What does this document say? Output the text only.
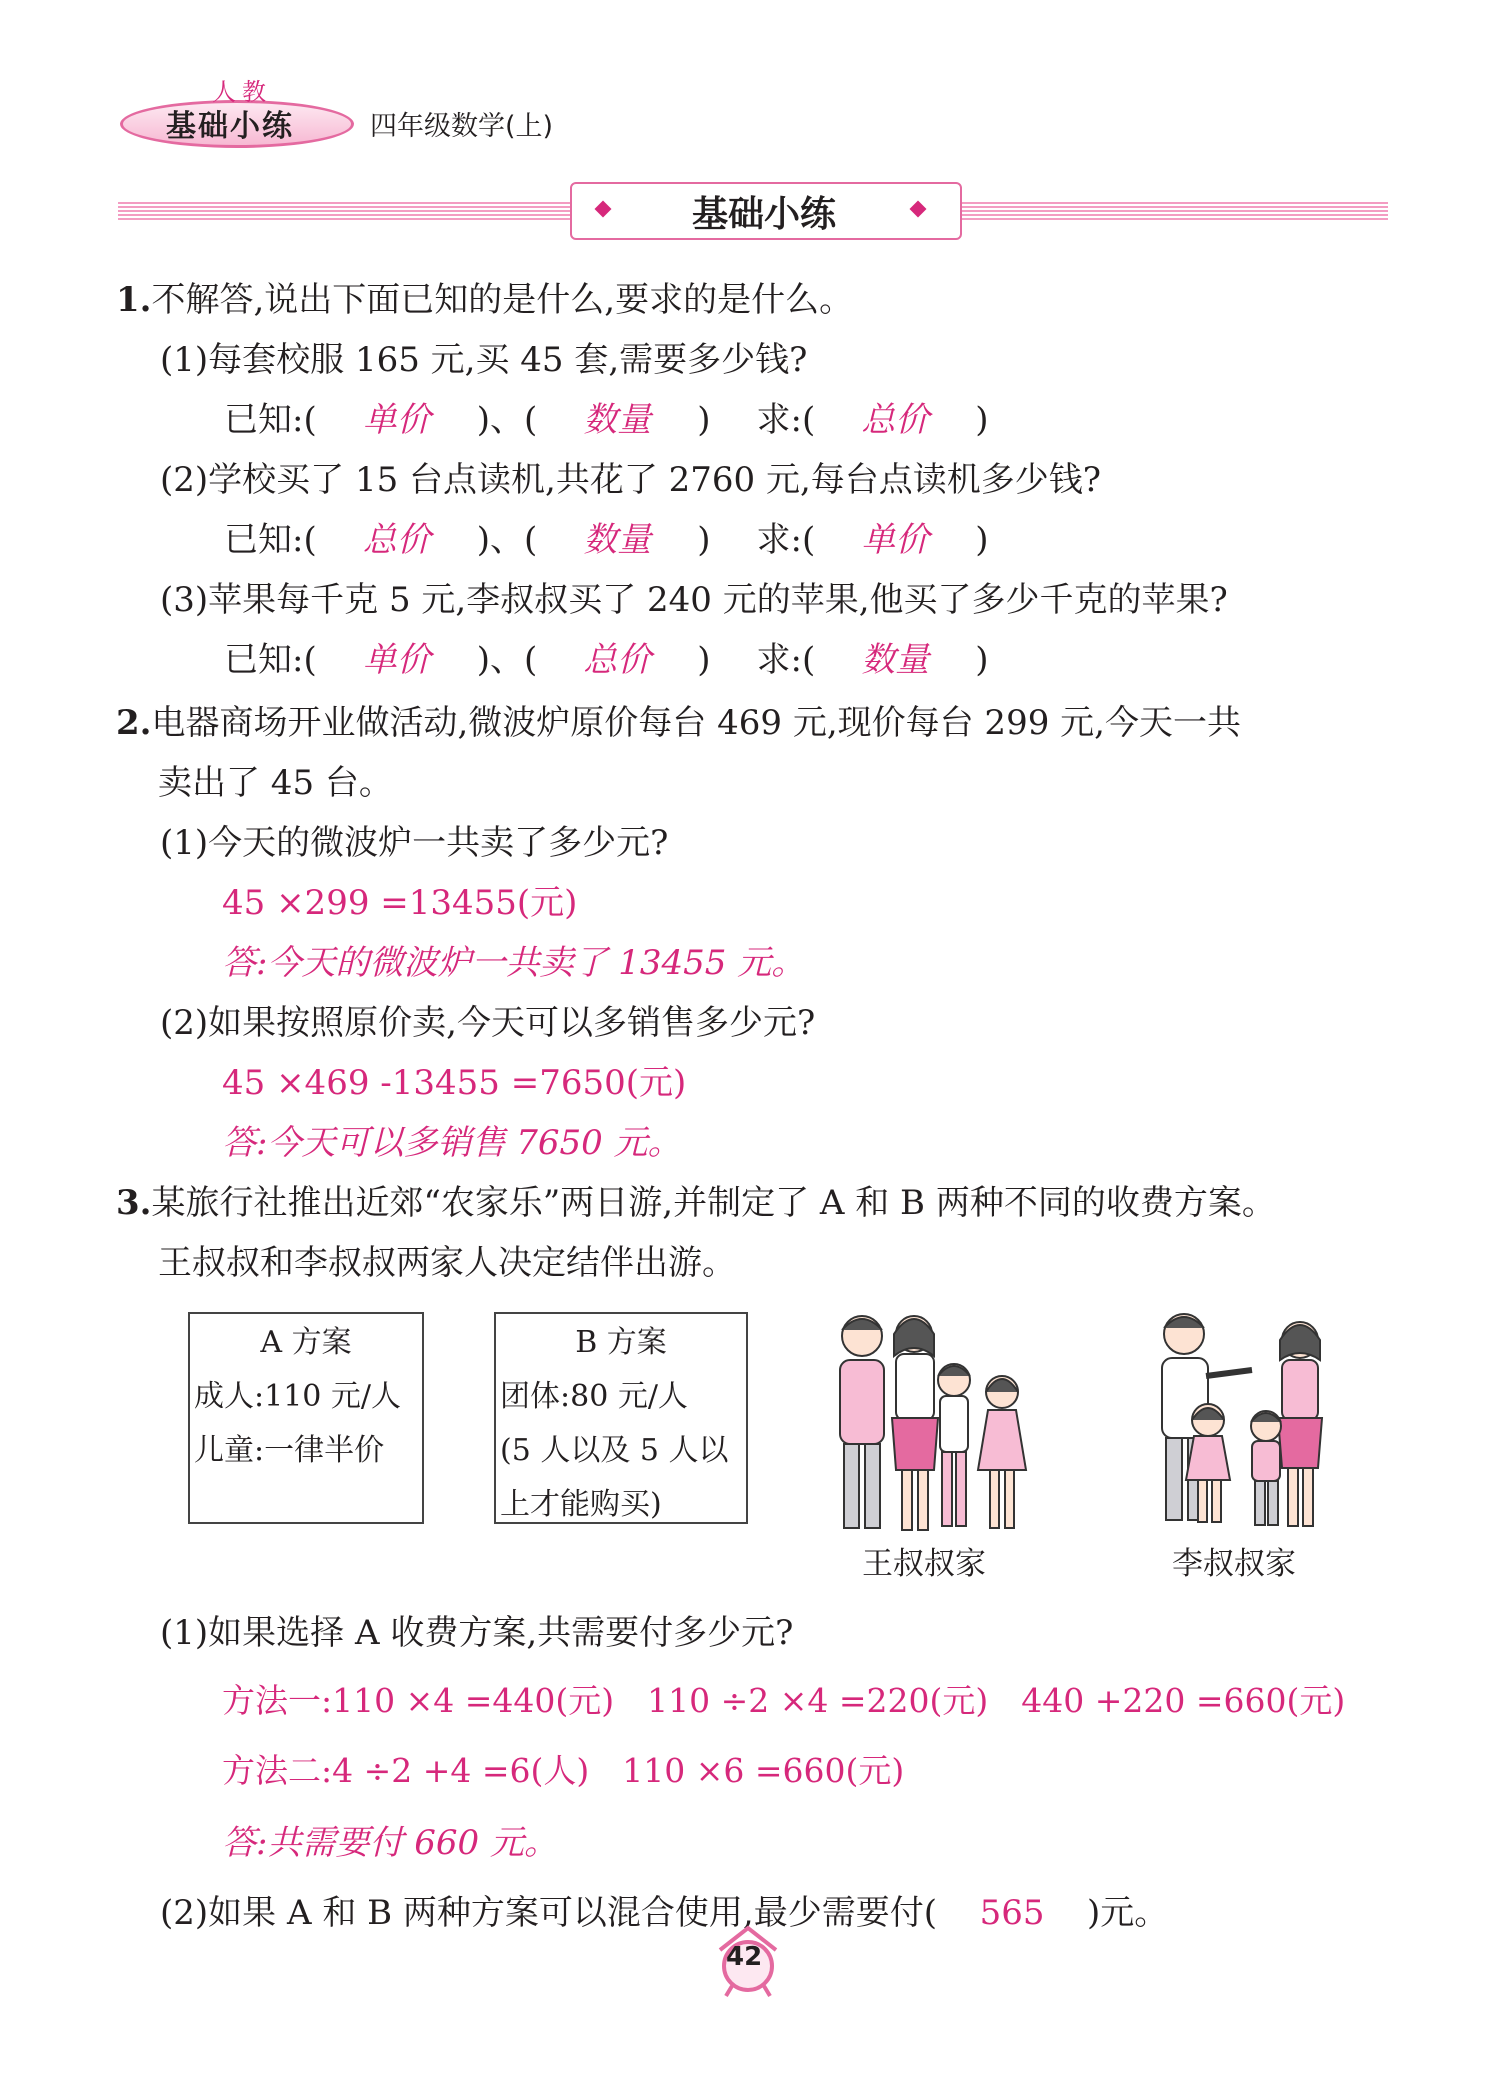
人教
基础小练	四年级数学(上)
基础小练
1.不解答,说出下面已知的是什么,要求的是什么。
(1)每套校服 165 元,买 45 套,需要多少钱?
已知:( 单价 )、( 数量 ) 求:( 总价 )
(2)学校买了 15 台点读机,共花了 2760 元,每台点读机多少钱?
已知:( 总价 )、( 数量 ) 求:( 单价 )
(3)苹果每千克 5 元,李叔叔买了 240 元的苹果,他买了多少千克的苹果?
已知:( 单价 )、( 总价 ) 求:( 数量 )
2.电器商场开业做活动,微波炉原价每台 469 元,现价每台 299 元,今天一共
卖出了 45 台。
(1)今天的微波炉一共卖了多少元?
45 ×299 =13455(元)
答:今天的微波炉一共卖了 13455 元。
(2)如果按照原价卖,今天可以多销售多少元?
45 ×469 -13455 =7650(元)
答:今天可以多销售 7650 元。
3.某旅行社推出近郊“农家乐”两日游,并制定了 A 和 B 两种不同的收费方案。
王叔叔和李叔叔两家人决定结伴出游。
A 方案
成人:110 元/人
儿童:一律半价
B 方案
团体:80 元/人
(5 人以及 5 人以
上才能购买)
王叔叔家	李叔叔家
(1)如果选择 A 收费方案,共需要付多少元?
方法一:110 ×4 =440(元)　110 ÷2 ×4 =220(元)　440 +220 =660(元)
方法二:4 ÷2 +4 =6(人)　110 ×6 =660(元)
答:共需要付 660 元。
(2)如果 A 和 B 两种方案可以混合使用,最少需要付( 565 )元。
42
